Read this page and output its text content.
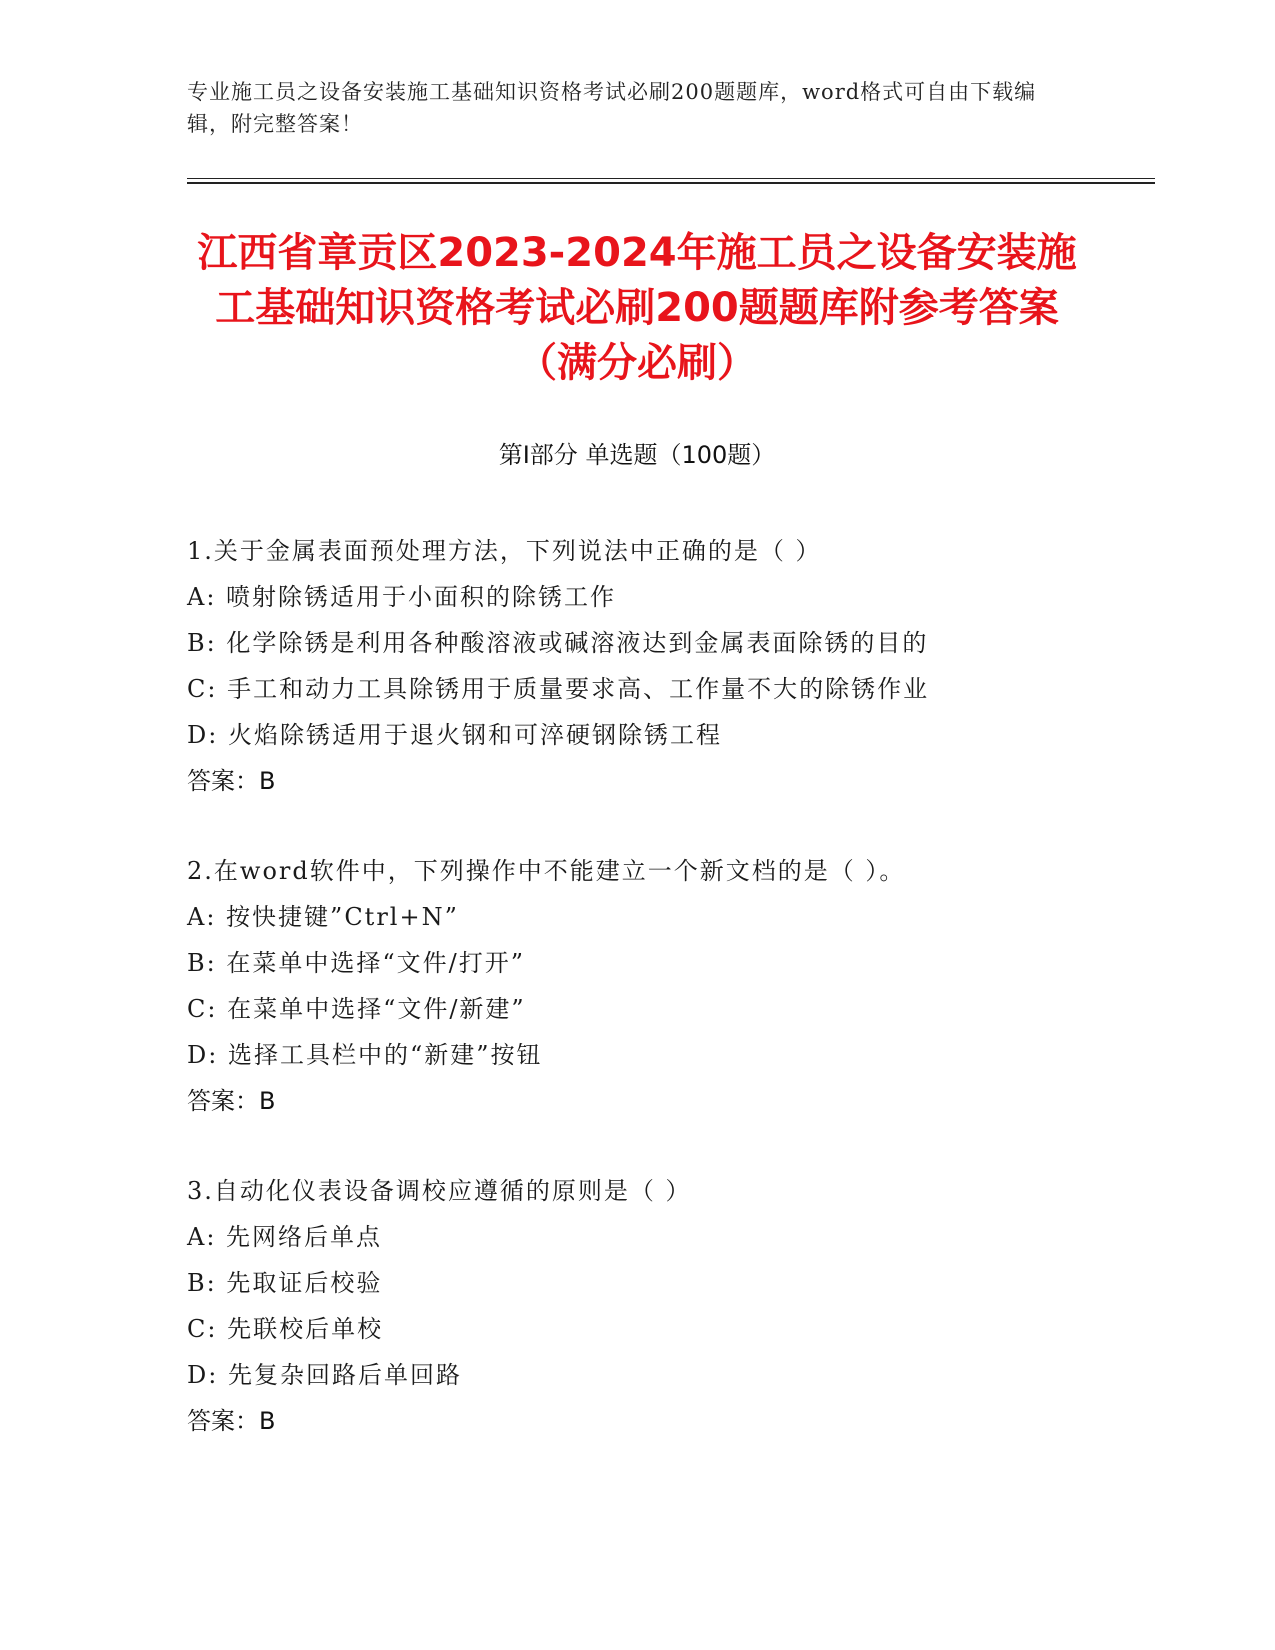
专业施工员之设备安装施工基础知识资格考试必刷200题题库，word格式可自由下载编辑，附完整答案！
江西省章贡区2023-2024年施工员之设备安装施工基础知识资格考试必刷200题题库附参考答案（满分必刷）
第I部分 单选题（100题）
1.关于金属表面预处理方法，下列说法中正确的是（ ）
A: 喷射除锈适用于小面积的除锈工作
B: 化学除锈是利用各种酸溶液或碱溶液达到金属表面除锈的目的
C: 手工和动力工具除锈用于质量要求高、工作量不大的除锈作业
D: 火焰除锈适用于退火钢和可淬硬钢除锈工程
答案：B
2.在word软件中，下列操作中不能建立一个新文档的是（ ）。
A: 按快捷键”Ctrl+N”
B: 在菜单中选择“文件/打开”
C: 在菜单中选择“文件/新建”
D: 选择工具栏中的“新建”按钮
答案：B
3.自动化仪表设备调校应遵循的原则是（ ）
A: 先网络后单点
B: 先取证后校验
C: 先联校后单校
D: 先复杂回路后单回路
答案：B
